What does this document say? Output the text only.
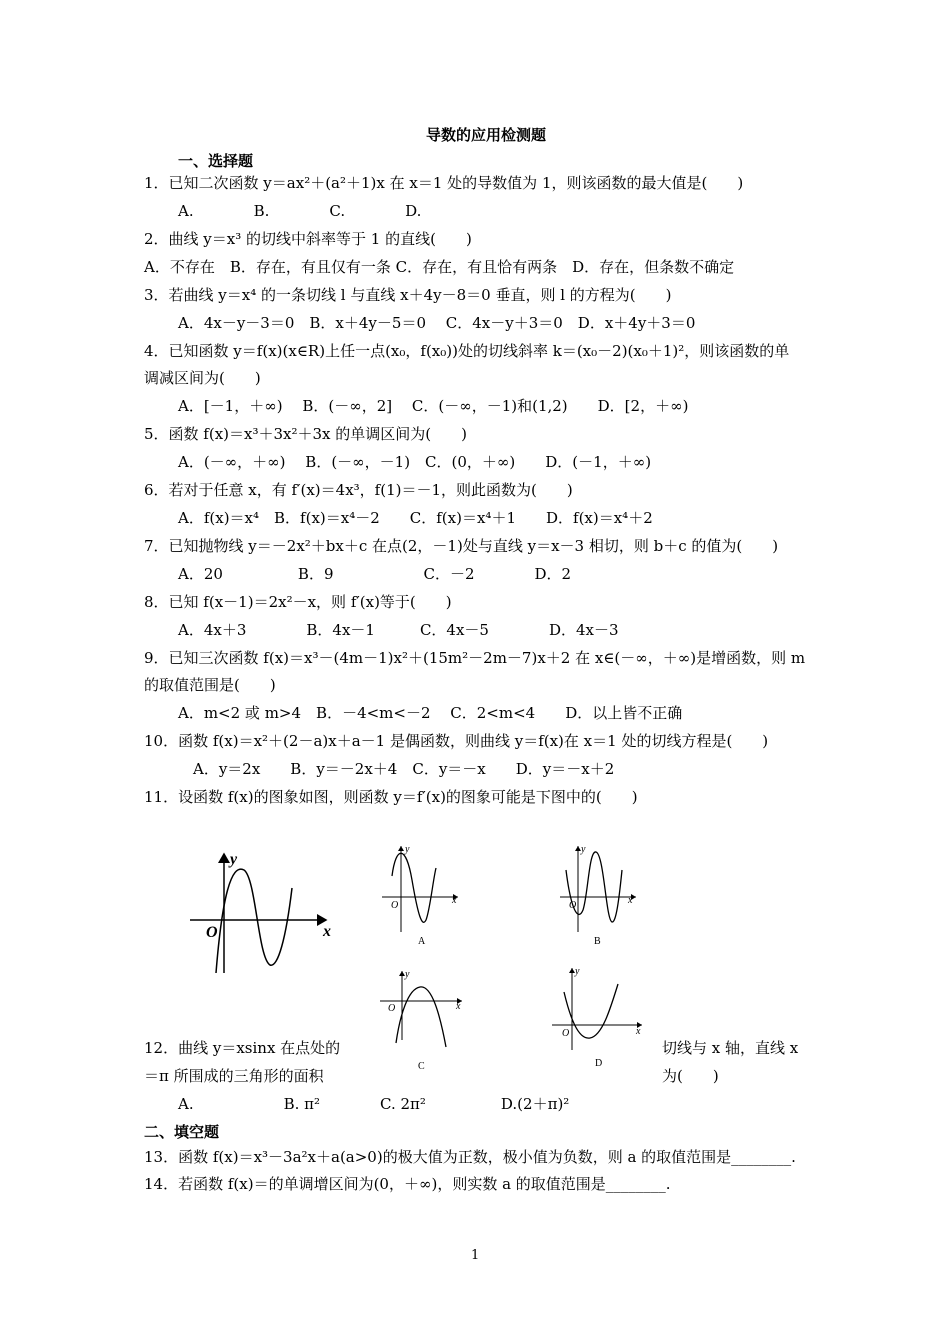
导数的应用检测题
一、选择题
1．已知二次函数 y＝ax²＋(a²＋1)x 在 x＝1 处的导数值为 1，则该函数的最大值是(　　)
A.　　　　B.　　　　C.　　　　D.
2．曲线 y＝x³ 的切线中斜率等于 1 的直线(　　)
A．不存在　B．存在，有且仅有一条 C．存在，有且恰有两条　D．存在，但条数不确定
3．若曲线 y＝x⁴ 的一条切线 l 与直线 x＋4y－8＝0 垂直，则 l 的方程为(　　)
A．4x－y－3＝0　B．x＋4y－5＝0　 C．4x－y＋3＝0　D．x＋4y＋3＝0
4．已知函数 y＝f(x)(x∈R)上任一点(x₀，f(x₀))处的切线斜率 k＝(x₀－2)(x₀＋1)²，则该函数的单
调减区间为(　　)
A．[－1，＋∞)　 B．(－∞，2]　 C．(－∞，－1)和(1,2)　　D．[2，＋∞)
5．函数 f(x)＝x³＋3x²＋3x 的单调区间为(　　)
A．(－∞，＋∞)　 B．(－∞，－1)　C．(0，＋∞)　　D．(－1，＋∞)
6．若对于任意 x，有 f′(x)＝4x³，f(1)＝－1，则此函数为(　　)
A．f(x)＝x⁴　B．f(x)＝x⁴－2　　C．f(x)＝x⁴＋1　　D．f(x)＝x⁴＋2
7．已知抛物线 y＝－2x²＋bx＋c 在点(2，－1)处与直线 y＝x－3 相切，则 b＋c 的值为(　　)
A．20　　　　　B．9　　　　　　C．－2　　　　D．2
8．已知 f(x－1)＝2x²－x，则 f′(x)等于(　　)
A．4x＋3　　　　B．4x－1　　　C．4x－5　　　　D．4x－3
9．已知三次函数 f(x)＝x³－(4m－1)x²＋(15m²－2m－7)x＋2 在 x∈(－∞，＋∞)是增函数，则 m
的取值范围是(　　)
A．m<2 或 m>4　B．－4<m<－2　 C．2<m<4　　D．以上皆不正确
10．函数 f(x)＝x²＋(2－a)x＋a－1 是偶函数，则曲线 y＝f(x)在 x＝1 处的切线方程是(　　)
A．y＝2x　　B．y＝－2x＋4　C．y＝－x　　D．y＝－x＋2
11．设函数 f(x)的图象如图，则函数 y＝f′(x)的图象可能是下图中的(　　)
x
y
O
y
O	x
A
y
O	x
B
y
O	x
C
y
O	x
D
12．曲线 y＝xsinx 在点处的
＝π 所围成的三角形的面积
切线与 x 轴，直线 x
为(　　)
A.　　　　　　B. π²　　　　C. 2π²　　　　　D.(2＋π)²
二、填空题
13．函数 f(x)＝x³－3a²x＋a(a>0)的极大值为正数，极小值为负数，则 a 的取值范围是________.
14．若函数 f(x)＝的单调增区间为(0，＋∞)，则实数 a 的取值范围是________.
1
